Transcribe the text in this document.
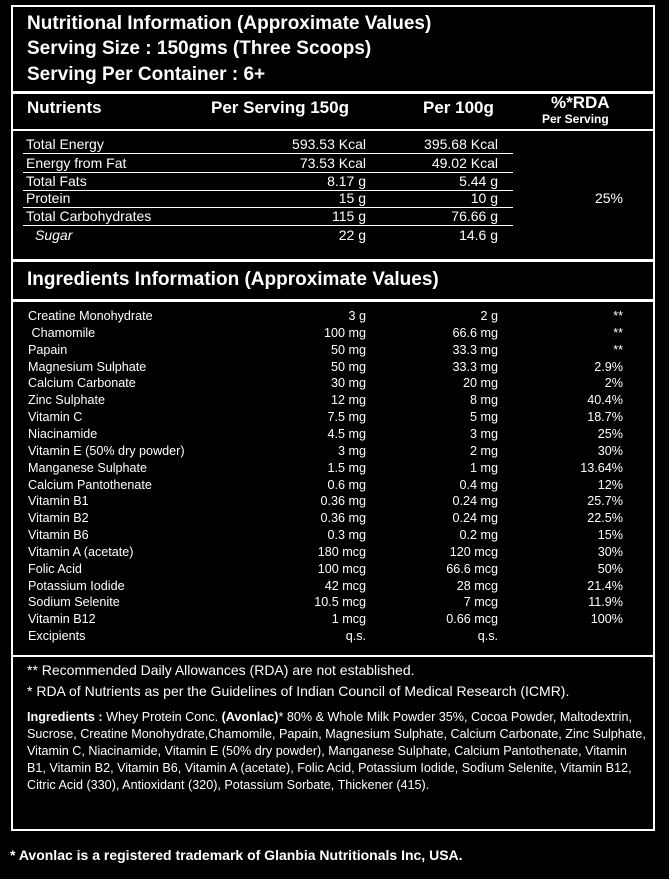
Nutritional Information (Approximate Values)
Serving Size : 150gms (Three Scoops)
Serving Per Container : 6+
Nutrients	Per Serving 150g	Per 100g	%*RDA
Per Serving
Total Energy	593.53 Kcal	395.68 Kcal
Energy from Fat	73.53 Kcal	49.02 Kcal
Total Fats	8.17 g	5.44 g
Protein	15 g	10 g	25%
Total Carbohydrates	115 g	76.66 g
Sugar	22 g	14.6 g
Ingredients Information (Approximate Values)
Creatine Monohydrate	3 g	2 g	**
Chamomile	100 mg	66.6 mg	**
Papain	50 mg	33.3 mg	**
Magnesium Sulphate	50 mg	33.3 mg	2.9%
Calcium Carbonate	30 mg	20 mg	2%
Zinc Sulphate	12 mg	8 mg	40.4%
Vitamin C	7.5 mg	5 mg	18.7%
Niacinamide	4.5 mg	3 mg	25%
Vitamin E (50% dry powder)	3 mg	2 mg	30%
Manganese Sulphate	1.5 mg	1 mg	13.64%
Calcium Pantothenate	0.6 mg	0.4 mg	12%
Vitamin B1	0.36 mg	0.24 mg	25.7%
Vitamin B2	0.36 mg	0.24 mg	22.5%
Vitamin B6	0.3 mg	0.2 mg	15%
Vitamin A (acetate)	180 mcg	120 mcg	30%
Folic Acid	100 mcg	66.6 mcg	50%
Potassium Iodide	42 mcg	28 mcg	21.4%
Sodium Selenite	10.5 mcg	7 mcg	11.9%
Vitamin B12	1 mcg	0.66 mcg	100%
Excipients	q.s.	q.s.
** Recommended Daily Allowances (RDA) are not established.
* RDA of Nutrients as per the Guidelines of Indian Council of Medical Research (ICMR).
Ingredients : Whey Protein Conc. (Avonlac)* 80% & Whole Milk Powder 35%, Cocoa Powder, Maltodextrin, Sucrose, Creatine Monohydrate,Chamomile, Papain, Magnesium Sulphate, Calcium Carbonate, Zinc Sulphate, Vitamin C, Niacinamide, Vitamin E (50% dry powder), Manganese Sulphate, Calcium Pantothenate, Vitamin B1, Vitamin B2, Vitamin B6, Vitamin A (acetate), Folic Acid, Potassium Iodide, Sodium Selenite, Vitamin B12, Citric Acid (330), Antioxidant (320), Potassium Sorbate, Thickener (415).
* Avonlac is a registered trademark of Glanbia Nutritionals Inc, USA.
